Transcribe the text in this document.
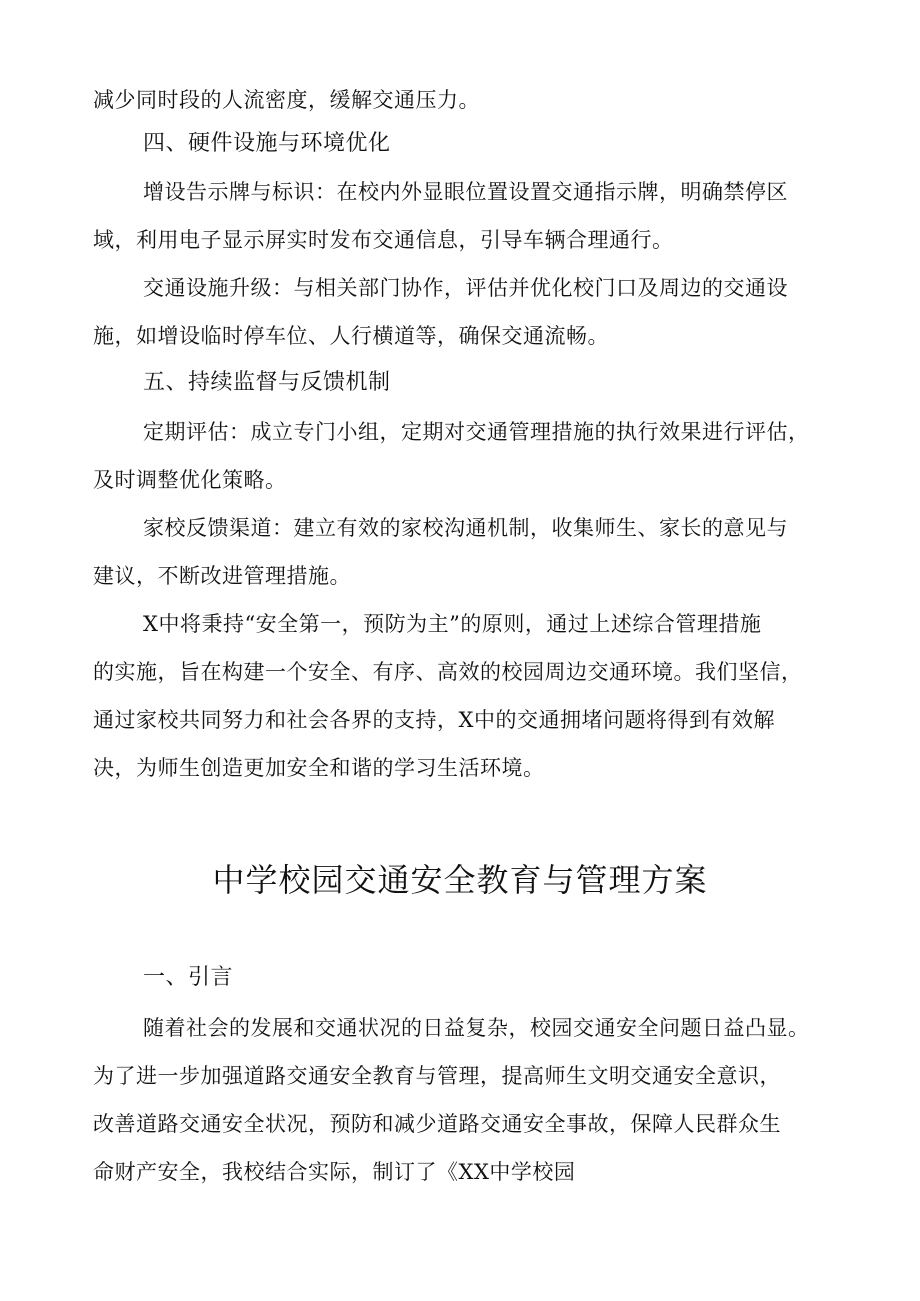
减少同时段的人流密度，缓解交通压力。
四、硬件设施与环境优化
增设告示牌与标识：在校内外显眼位置设置交通指示牌，明确禁停区
域，利用电子显示屏实时发布交通信息，引导车辆合理通行。
交通设施升级：与相关部门协作，评估并优化校门口及周边的交通设
施，如增设临时停车位、人行横道等，确保交通流畅。
五、持续监督与反馈机制
定期评估：成立专门小组，定期对交通管理措施的执行效果进行评估，
及时调整优化策略。
家校反馈渠道：建立有效的家校沟通机制，收集师生、家长的意见与
建议，不断改进管理措施。
X中将秉持“安全第一，预防为主”的原则，通过上述综合管理措施
的实施，旨在构建一个安全、有序、高效的校园周边交通环境。我们坚信，
通过家校共同努力和社会各界的支持，X中的交通拥堵问题将得到有效解
决，为师生创造更加安全和谐的学习生活环境。
中学校园交通安全教育与管理方案
一、引言
随着社会的发展和交通状况的日益复杂，校园交通安全问题日益凸显。
为了进一步加强道路交通安全教育与管理，提高师生文明交通安全意识，
改善道路交通安全状况，预防和减少道路交通安全事故，保障人民群众生
命财产安全，我校结合实际，制订了《XX中学校园
